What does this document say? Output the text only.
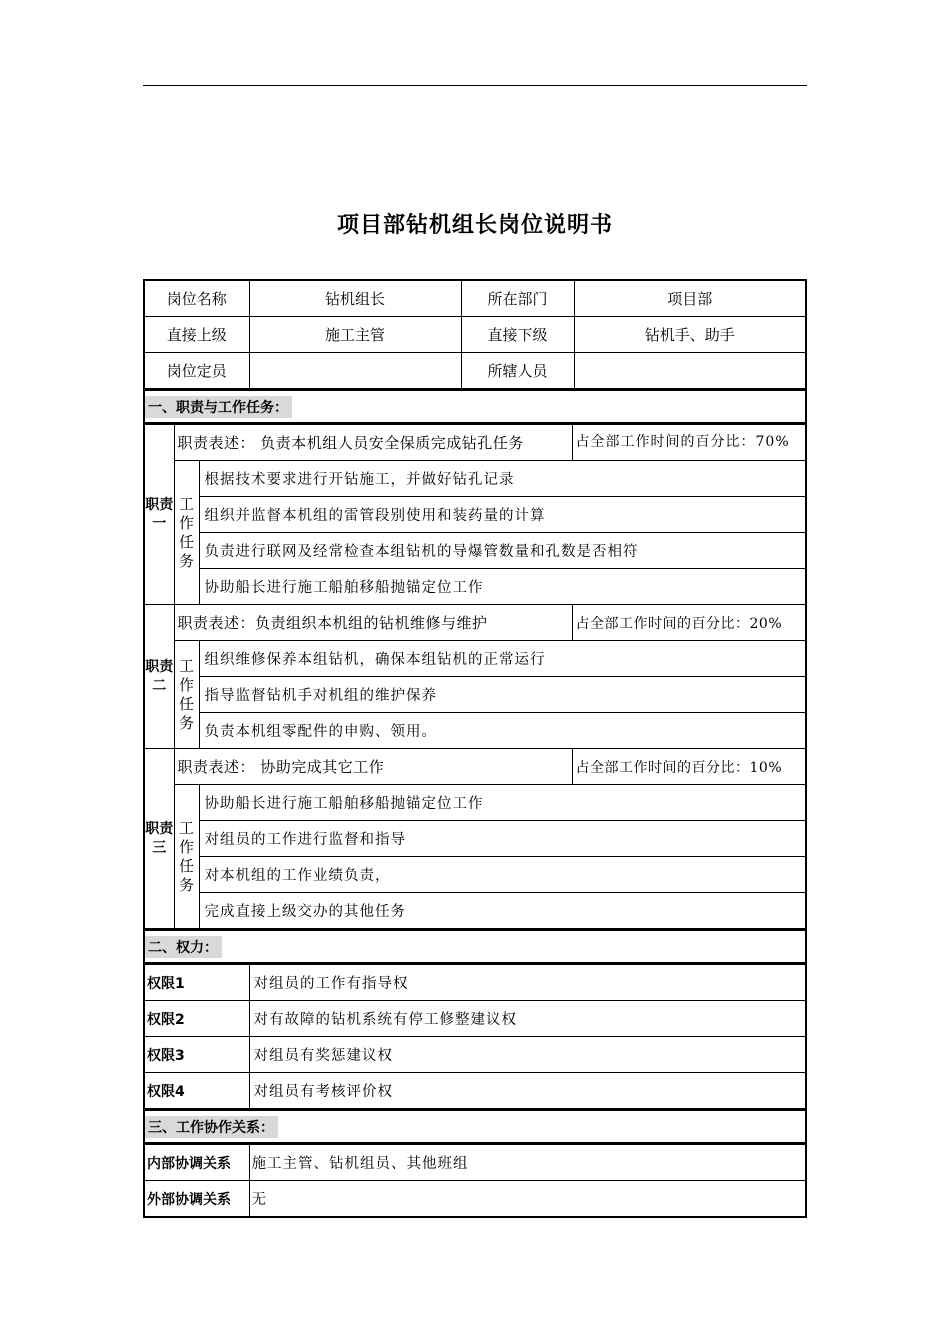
项目部钻机组长岗位说明书
岗位名称	钻机组长	所在部门	项目部
直接上级	施工主管	直接下级	钻机手、助手
岗位定员		所辖人员	
一、职责与工作任务：
职责一	职责表述： 负责本机组人员安全保质完成钻孔任务		占全部工作时间的百分比：70%
	工作任务	根据技术要求进行开钻施工，并做好钻孔记录	
		组织并监督本机组的雷管段别使用和装药量的计算	
		负责进行联网及经常检查本组钻机的导爆管数量和孔数是否相符	
		协助船长进行施工船舶移船抛锚定位工作	
职责二	职责表述：负责组织本机组的钻机维修与维护		占全部工作时间的百分比：20%
	工作任务	组织维修保养本组钻机，确保本组钻机的正常运行	
		指导监督钻机手对机组的维护保养	
		负责本机组零配件的申购、领用。	
职责三	职责表述： 协助完成其它工作		占全部工作时间的百分比：10%
	工作任务	协助船长进行施工船舶移船抛锚定位工作	
		对组员的工作进行监督和指导	
		对本机组的工作业绩负责，	
		完成直接上级交办的其他任务	
二、权力：
权限1	对组员的工作有指导权
权限2	对有故障的钻机系统有停工修整建议权
权限3	对组员有奖惩建议权
权限4	对组员有考核评价权
三、工作协作关系：
内部协调关系	施工主管、钻机组员、其他班组
外部协调关系	无
